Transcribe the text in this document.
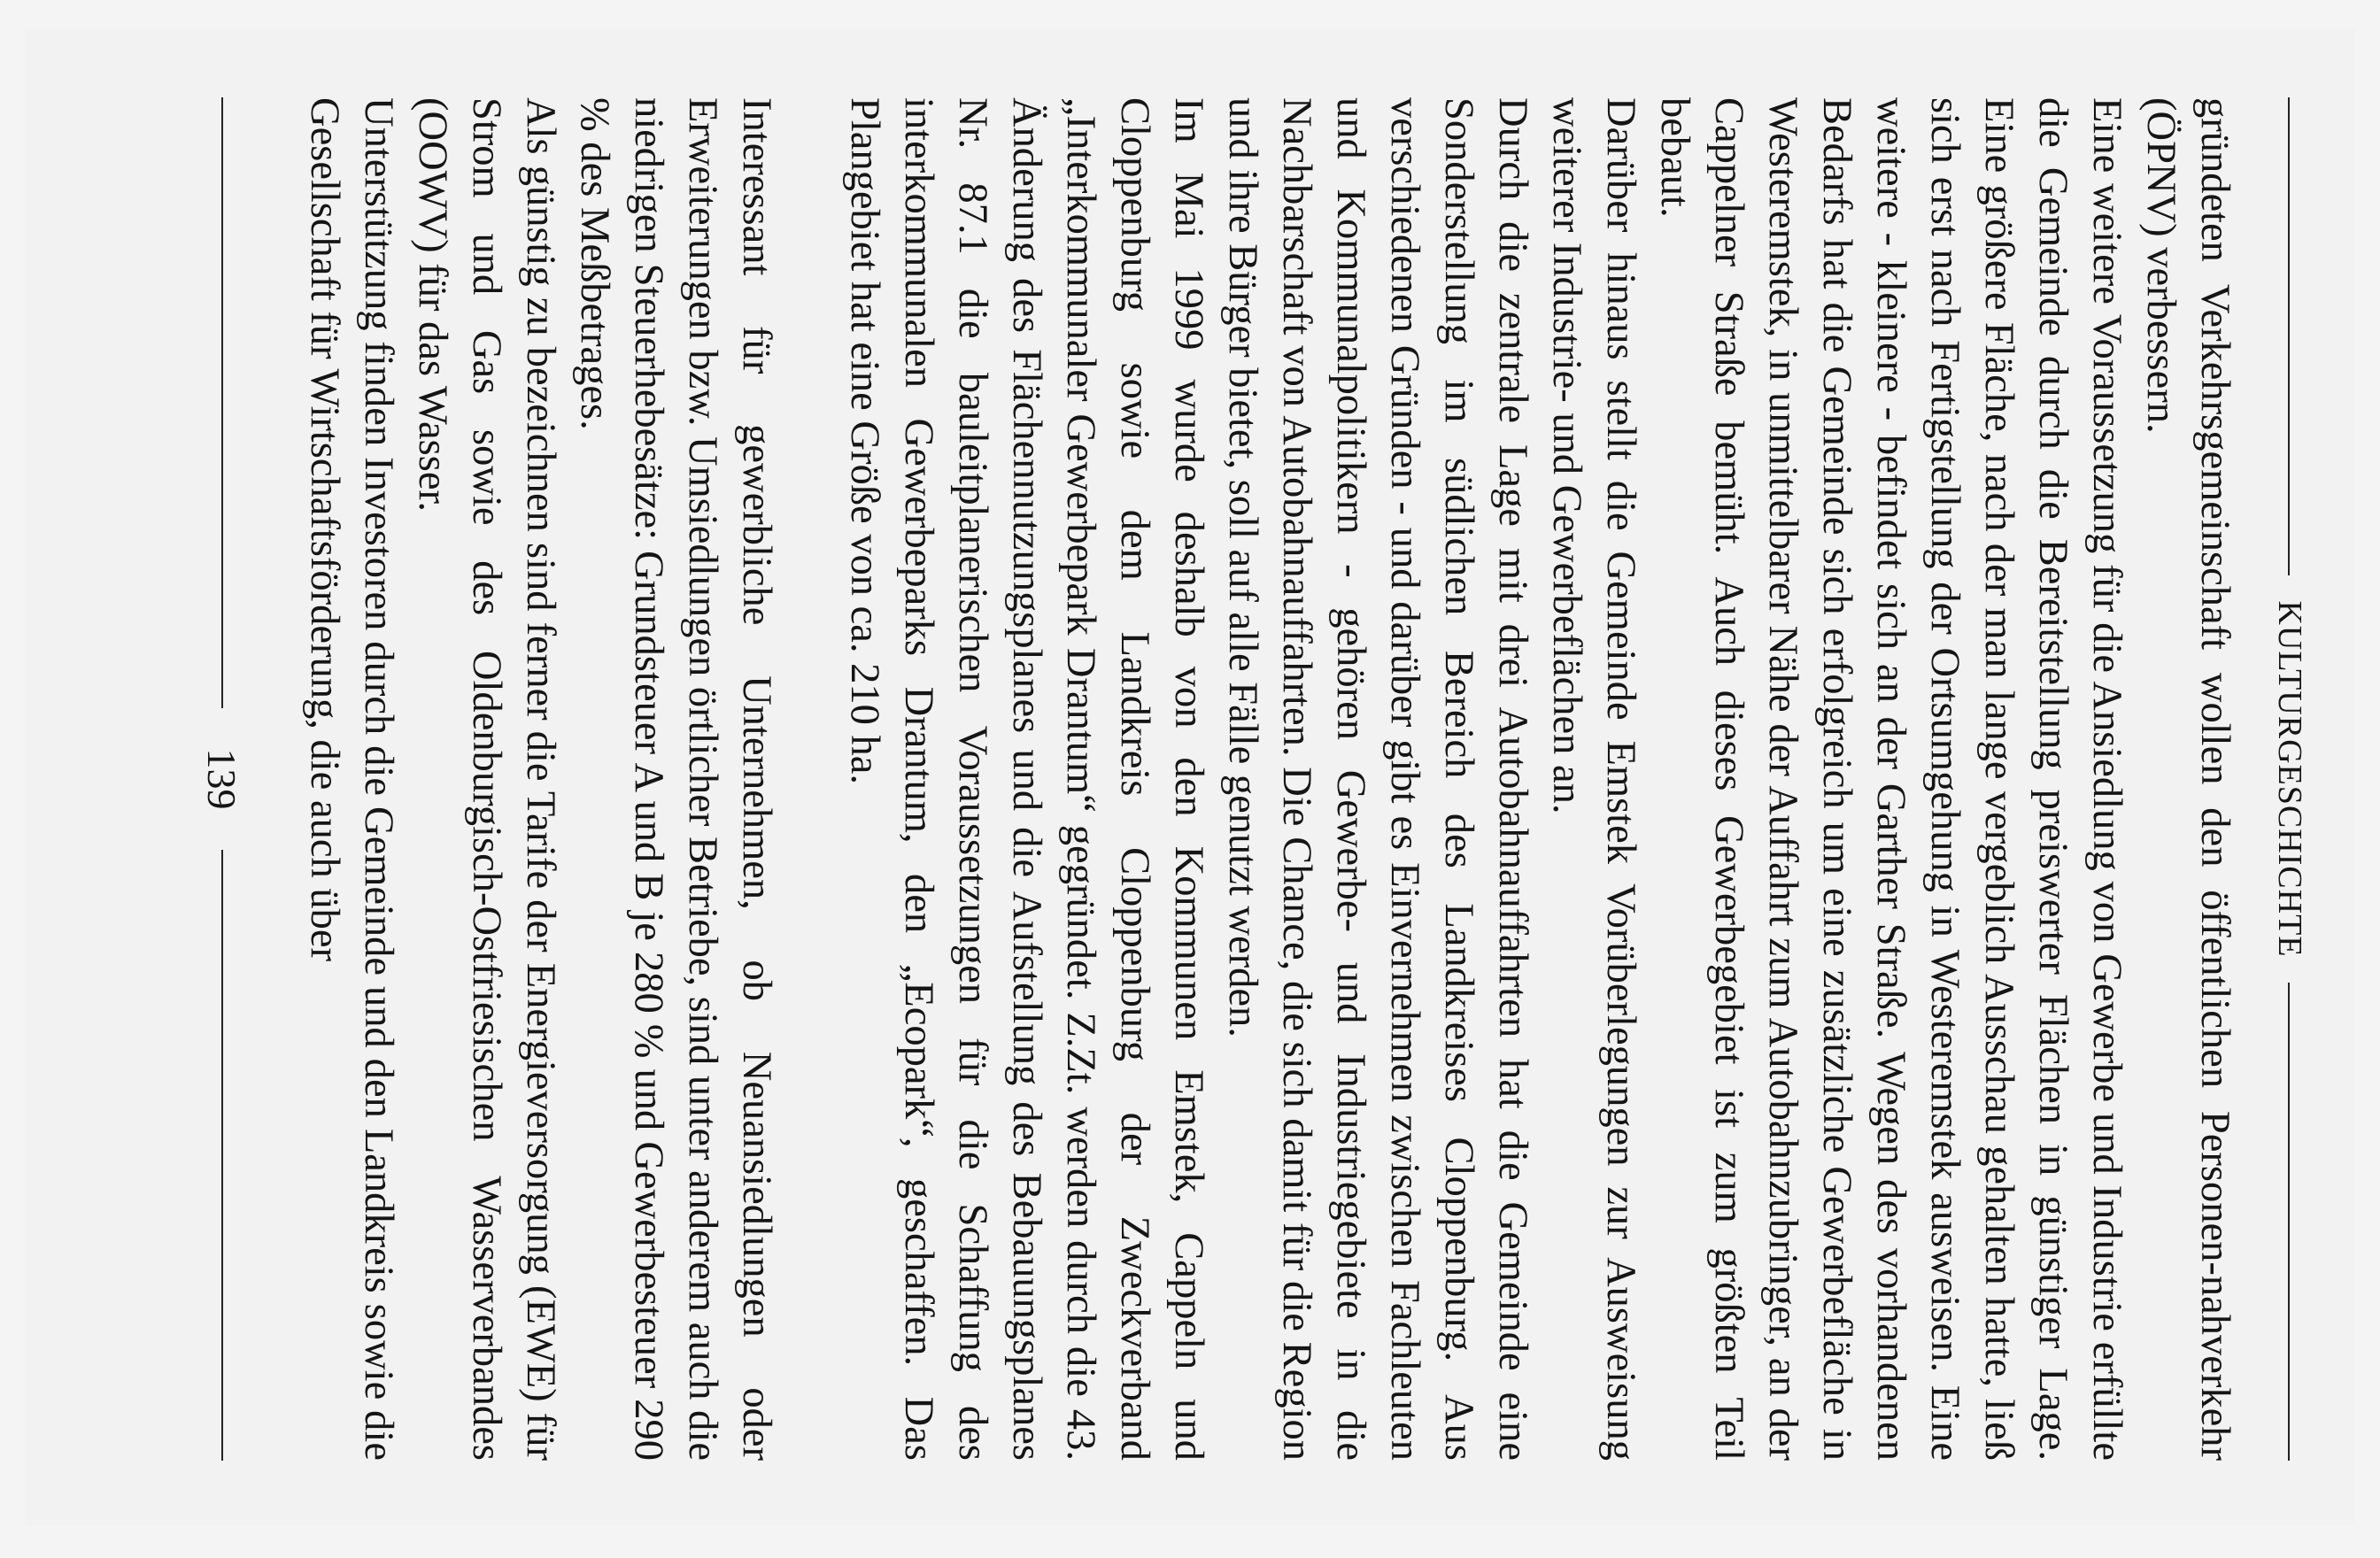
KULTURGESCHICHTE

gründeten Verkehrsgemeinschaft wollen den öffentlichen Personen-nahverkehr (ÖPNV) verbessern.

Eine weitere Voraussetzung für die Ansiedlung von Gewerbe und Industrie erfüllte die Gemeinde durch die Bereitstellung preiswerter Flächen in günstiger Lage. Eine größere Fläche, nach der man lange vergeblich Ausschau gehalten hatte, ließ sich erst nach Fertigstellung der Ortsumgehung in Westeremstek ausweisen. Eine weitere - kleinere - befindet sich an der Garther Straße. Wegen des vorhandenen Bedarfs hat die Gemeinde sich erfolgreich um eine zusätzliche Gewerbefläche in Westeremstek, in unmittelbarer Nähe der Auffahrt zum Autobahnzubringer, an der Cappelner Straße bemüht. Auch dieses Gewerbegebiet ist zum größten Teil bebaut.

Darüber hinaus stellt die Gemeinde Emstek Vorüberlegungen zur Ausweisung weiterer Industrie- und Gewerbeflächen an.

Durch die zentrale Lage mit drei Autobahnauffahrten hat die Gemeinde eine Sonderstellung im südlichen Bereich des Landkreises Cloppenburg. Aus verschiedenen Gründen - und darüber gibt es Einvernehmen zwischen Fachleuten und Kommunalpolitikern - gehören Gewerbe- und Industriegebiete in die Nachbarschaft von Autobahnauffahrten. Die Chance, die sich damit für die Region und ihre Bürger bietet, soll auf alle Fälle genutzt werden.

Im Mai 1999 wurde deshalb von den Kommunen Emstek, Cappeln und Cloppenburg sowie dem Landkreis Cloppenburg der Zweckverband „Interkommunaler Gewerbepark Drantum“ gegründet. Z.Zt. werden durch die 43. Änderung des Flächennutzungsplanes und die Aufstellung des Bebauungsplanes Nr. 87.1 die bauleitplanerischen Voraussetzungen für die Schaffung des interkommunalen Gewerbeparks Drantum, den „Ecopark“, geschaffen. Das Plangebiet hat eine Größe von ca. 210 ha.

Interessant für gewerbliche Unternehmen, ob Neuansiedlungen oder Erweiterungen bzw. Umsiedlungen örtlicher Betriebe, sind unter anderem auch die niedrigen Steuerhebesätze: Grundsteuer A und B je 280 % und Gewerbesteuer 290 % des Meßbetrages.

Als günstig zu bezeichnen sind ferner die Tarife der Energieversorgung (EWE) für Strom und Gas sowie des Oldenburgisch-Ostfriesischen Wasserverbandes (OOWV) für das Wasser.

Unterstützung finden Investoren durch die Gemeinde und den Landkreis sowie die Gesellschaft für Wirtschaftsförderung, die auch über

139
